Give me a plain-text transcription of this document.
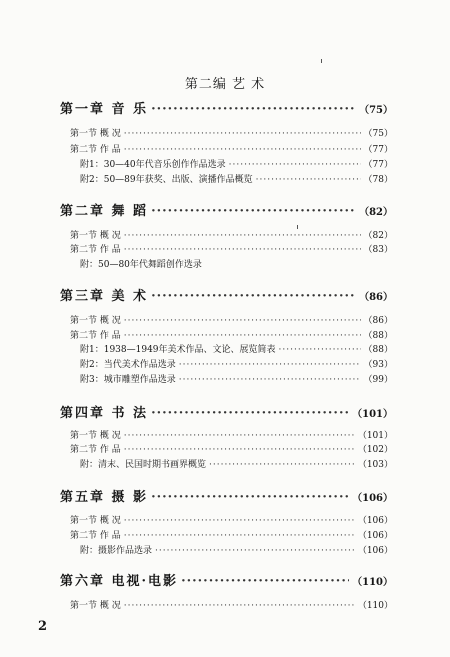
第二编 艺 术
第一章 音 乐 ·····	（75）
第一节 概 况 ·····	（75）
第二节 作 品 ·····	（77）
附1：30—40年代音乐创作作品选录 ·····	（77）
附2：50—89年获奖、出版、演播作品概览 ·····	（78）
第二章 舞 蹈 ·····	（82）
第一节 概 况 ·····	（82）
第二节 作 品 ·····	（83）
附：50—80年代舞蹈创作选录
第三章 美 术 ·····	（86）
第一节 概 况 ·····	（86）
第二节 作 品 ·····	（88）
附1：1938—1949年美术作品、文论、展览简表 ·····	（88）
附2：当代美术作品选录 ·····	（93）
附3：城市雕塑作品选录 ·····	（99）
第四章 书 法 ·····	（101）
第一节 概 况 ·····	（101）
第二节 作 品 ·····	（102）
附：清末、民国时期书画界概览 ·····	（103）
第五章 摄 影 ·····	（106）
第一节 概 况 ·····	（106）
第二节 作 品 ·····	（106）
附：摄影作品选录 ·····	（106）
第六章 电视·电影 ·····	（110）
第一节 概 况 ·····	（110）
2
